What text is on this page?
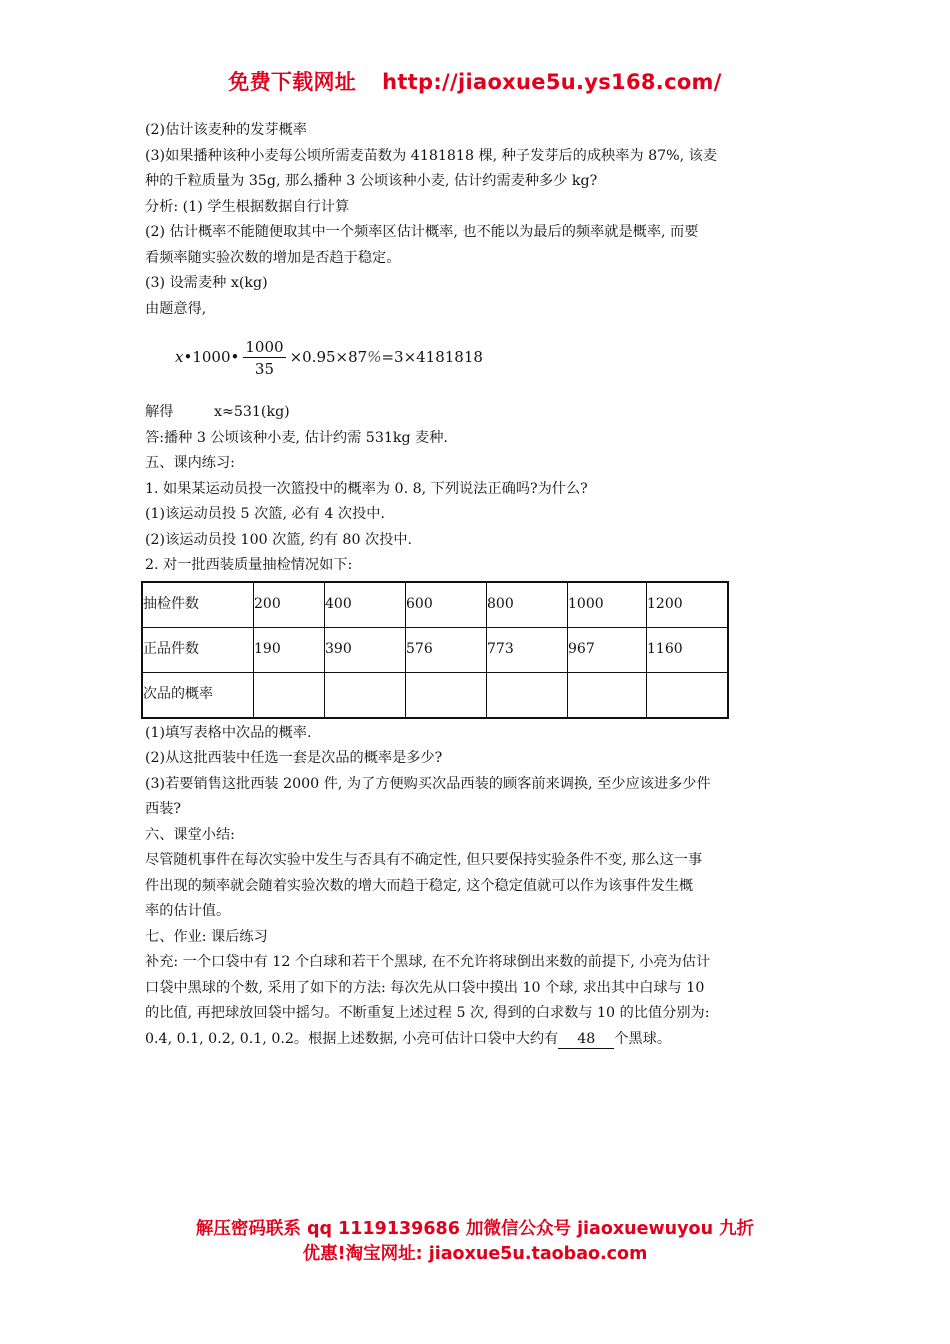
免费下载网址 http://jiaoxue5u.ys168.com/

(2)估计该麦种的发芽概率

(3)如果播种该种小麦每公顷所需麦苗数为 4181818 棵, 种子发芽后的成秧率为 87%, 该麦

种的千粒质量为 35g, 那么播种 3 公顷该种小麦, 估计约需麦种多少 kg?

分析: (1) 学生根据数据自行计算

(2) 估计概率不能随便取其中一个频率区估计概率, 也不能以为最后的频率就是概率, 而要

看频率随实验次数的增加是否趋于稳定。

(3) 设需麦种 x(kg)

由题意得,

x • 1000 • $\frac{1000}{35} \times 0.95\times 87$ % =3×4181818

解得         x≈531(kg)

答:播种 3 公顷该种小麦, 估计约需 531kg 麦种.

五、课内练习:

1. 如果某运动员投一次篮投中的概率为 0. 8, 下列说法正确吗?为什么?

(1)该运动员投 5 次篮, 必有 4 次投中.

(2)该运动员投 100 次篮, 约有 80 次投中.

2. 对一批西装质量抽检情况如下:

抽检件数	200	400	600	800	1000	1200
正品件数	190	390	576	773	967	1160
次品的概率						

(1)填写表格中次品的概率.

(2)从这批西装中任选一套是次品的概率是多少?

(3)若要销售这批西装 2000 件, 为了方便购买次品西装的顾客前来调换, 至少应该进多少件

西装?

六、课堂小结:

尽管随机事件在每次实验中发生与否具有不确定性, 但只要保持实验条件不变, 那么这一事

件出现的频率就会随着实验次数的增大而趋于稳定, 这个稳定值就可以作为该事件发生概

率的估计值。

七、作业: 课后练习

补充: 一个口袋中有 12 个白球和若干个黑球, 在不允许将球倒出来数的前提下, 小亮为估计

口袋中黑球的个数, 采用了如下的方法: 每次先从口袋中摸出 10 个球, 求出其中白球与 10

的比值, 再把球放回袋中摇匀。不断重复上述过程 5 次, 得到的白求数与 10 的比值分别为:

0.4, 0.1, 0.2, 0.1, 0.2。根据上述数据, 小亮可估计口袋中大约有 48 个黑球。

解压密码联系 qq 1119139686 加微信公众号 jiaoxuewuyou 九折
优惠!淘宝网址: jiaoxue5u.taobao.com
